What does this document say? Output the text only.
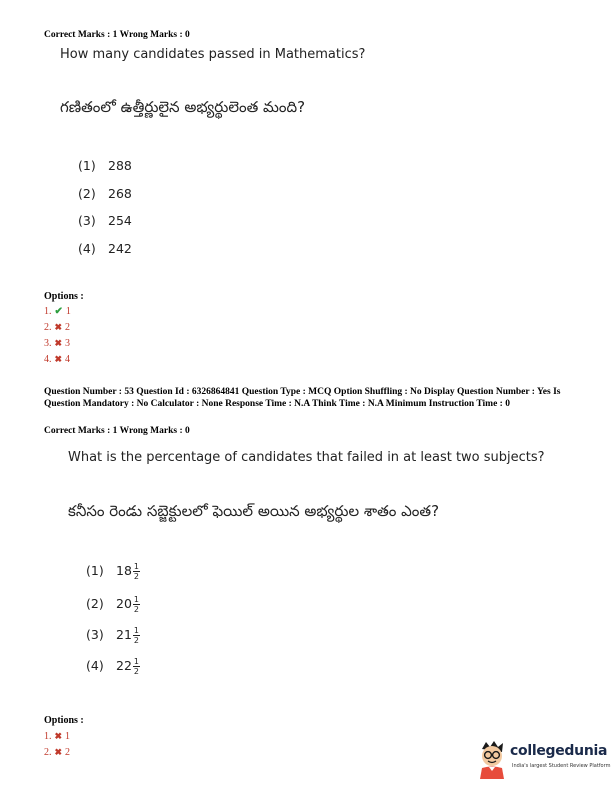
Correct Marks : 1 Wrong Marks : 0
How many candidates passed in Mathematics?
గణితంలో ఉత్తీర్ణులైన అభ్యర్థులెంత మంది?
(1) 288
(2) 268
(3) 254
(4) 242
Options :
1. ✔ 1
2. ✖ 2
3. ✖ 3
4. ✖ 4
Question Number : 53 Question Id : 6326864841 Question Type : MCQ Option Shuffling : No Display Question Number : Yes Is Question Mandatory : No Calculator : None Response Time : N.A Think Time : N.A Minimum Instruction Time : 0
Correct Marks : 1 Wrong Marks : 0
What is the percentage of candidates that failed in at least two subjects?
కనీసం రెండు సబ్జెక్టులలో ఫెయిల్ అయిన అభ్యర్థుల శాతం ఎంత?
(1) $18 \frac{1}{2}$
(2) $20 \frac{1}{2}$
(3) $21 \frac{1}{2}$
(4) $22 \frac{1}{2}$
Options :
1. ✖ 1
2. ✖ 2	collegedunia
India's largest Student Review Platform
